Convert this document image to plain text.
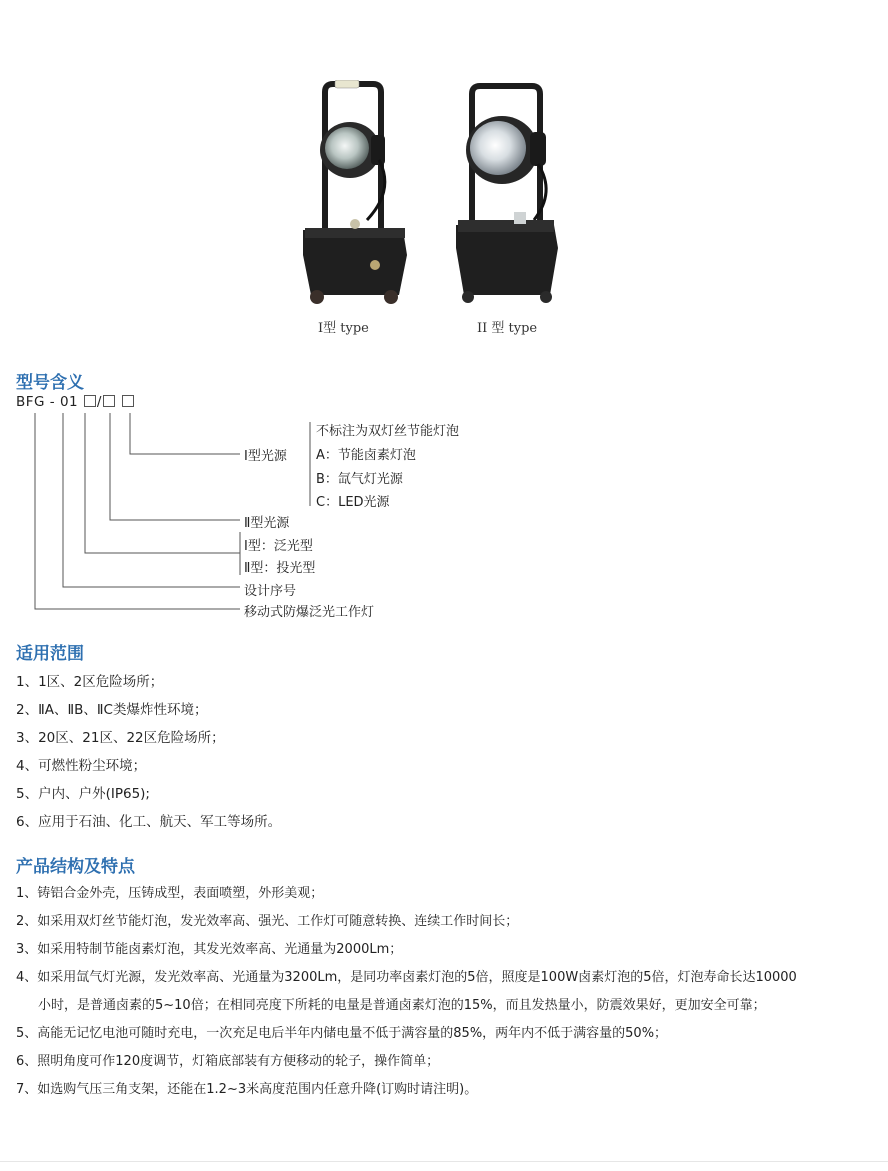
I型 type	II 型 type
型号含义
BFG - 01 /
不标注为双灯丝节能灯泡
Ⅰ型光源 A：节能卤素灯泡
B：氙气灯光源
C：LED光源
Ⅱ型光源
Ⅰ型：泛光型
Ⅱ型：投光型
设计序号
移动式防爆泛光工作灯
适用范围
1、1区、2区危险场所；
2、ⅡA、ⅡB、ⅡC类爆炸性环境；
3、20区、21区、22区危险场所；
4、可燃性粉尘环境；
5、户内、户外(IP65);
6、应用于石油、化工、航天、军工等场所。
产品结构及特点
1、铸铝合金外壳，压铸成型，表面喷塑，外形美观；
2、如采用双灯丝节能灯泡，发光效率高、强光、工作灯可随意转换、连续工作时间长；
3、如采用特制节能卤素灯泡，其发光效率高、光通量为2000Lm；
4、如采用氙气灯光源，发光效率高、光通量为3200Lm，是同功率卤素灯泡的5倍，照度是100W卤素灯泡的5倍，灯泡寿命长达10000
小时，是普通卤素的5~10倍；在相同亮度下所耗的电量是普通卤素灯泡的15%，而且发热量小，防震效果好，更加安全可靠；
5、高能无记忆电池可随时充电，一次充足电后半年内储电量不低于满容量的85%，两年内不低于满容量的50%；
6、照明角度可作120度调节，灯箱底部装有方便移动的轮子，操作简单；
7、如选购气压三角支架，还能在1.2~3米高度范围内任意升降(订购时请注明)。
